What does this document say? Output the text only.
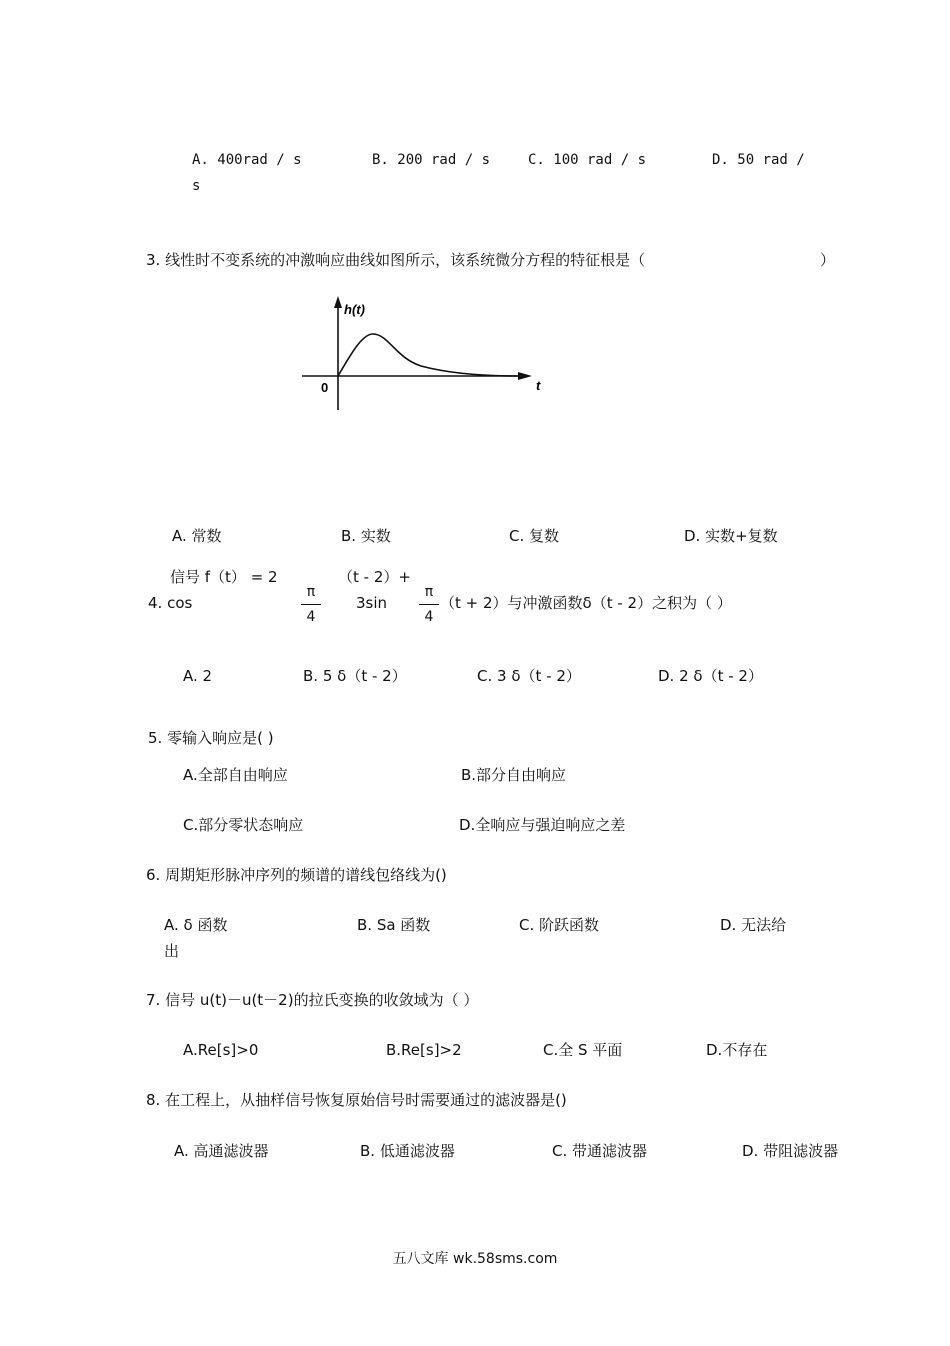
A. 400rad / s	B. 200 rad / s	C. 100 rad / s	D. 50 rad /
s
3. 线性时不变系统的冲激响应曲线如图所示，该系统微分方程的特征根是（	）
h(t)
t
0
A. 常数	B. 实数	C. 复数	D. 实数+复数
信号 f（t） = 2	（t - 2）+
4. cos
π
4
3sin
π
4
（t + 2）与冲激函数δ（t - 2）之积为（ ）
A. 2	B. 5 δ（t - 2）	C. 3 δ（t - 2）	D. 2 δ（t - 2）
5. 零输入响应是( )
A.全部自由响应	B.部分自由响应
C.部分零状态响应	D.全响应与强迫响应之差
6. 周期矩形脉冲序列的频谱的谱线包络线为()
A. δ 函数	B. Sa 函数	C. 阶跃函数	D. 无法给
出
7. 信号 u(t)－u(t－2)的拉氏变换的收敛域为（ ）
A.Re[s]>0	B.Re[s]>2	C.全 S 平面	D.不存在
8. 在工程上，从抽样信号恢复原始信号时需要通过的滤波器是()
A. 高通滤波器	B. 低通滤波器	C. 带通滤波器	D. 带阻滤波器
五八文库 wk.58sms.com
